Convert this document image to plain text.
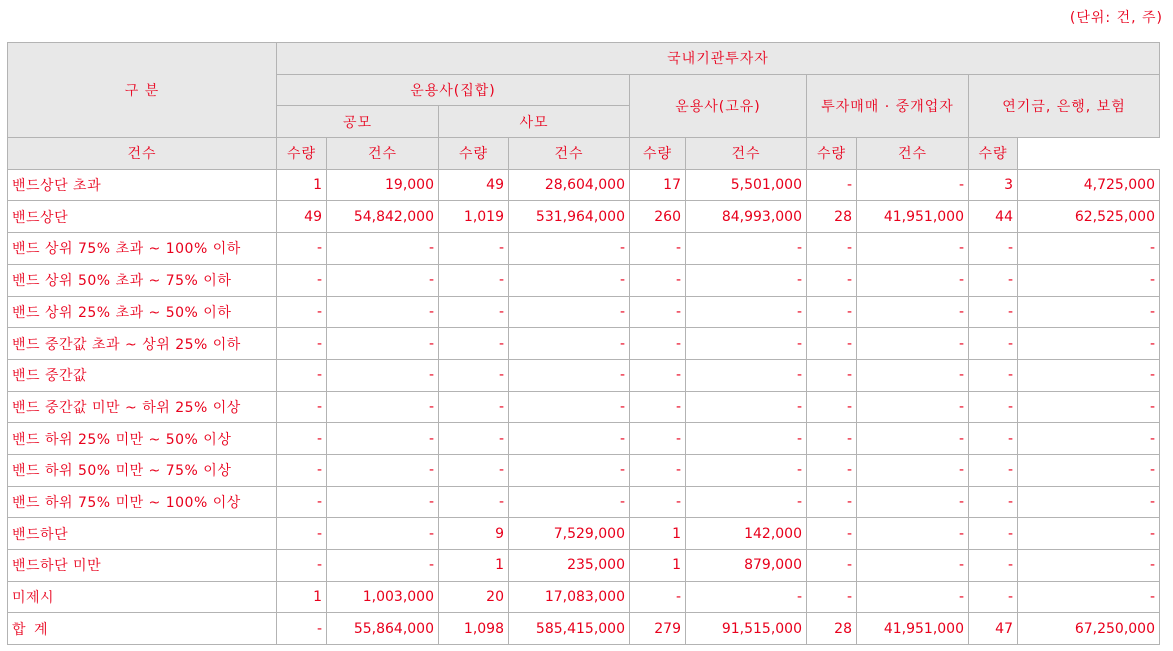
(단위: 건, 주)
구 분	국내기관투자자									
	운용사(집합)				운용사(고유)		투자매매 · 중개업자		연기금, 은행, 보험	
	공모		사모							
건수	수량	건수	수량	건수	수량	건수	수량	건수	수량	
밴드상단 초과	1	19,000	49	28,604,000	17	5,501,000	-	-	3	4,725,000
밴드상단	49	54,842,000	1,019	531,964,000	260	84,993,000	28	41,951,000	44	62,525,000
밴드 상위 75% 초과 ~ 100% 이하	-	-	-	-	-	-	-	-	-	-
밴드 상위 50% 초과 ~ 75% 이하	-	-	-	-	-	-	-	-	-	-
밴드 상위 25% 초과 ~ 50% 이하	-	-	-	-	-	-	-	-	-	-
밴드 중간값 초과 ~ 상위 25% 이하	-	-	-	-	-	-	-	-	-	-
밴드 중간값	-	-	-	-	-	-	-	-	-	-
밴드 중간값 미만 ~ 하위 25% 이상	-	-	-	-	-	-	-	-	-	-
밴드 하위 25% 미만 ~ 50% 이상	-	-	-	-	-	-	-	-	-	-
밴드 하위 50% 미만 ~ 75% 이상	-	-	-	-	-	-	-	-	-	-
밴드 하위 75% 미만 ~ 100% 이상	-	-	-	-	-	-	-	-	-	-
밴드하단	-	-	9	7,529,000	1	142,000	-	-	-	-
밴드하단 미만	-	-	1	235,000	1	879,000	-	-	-	-
미제시	1	1,003,000	20	17,083,000	-	-	-	-	-	-
합 계	-	55,864,000	1,098	585,415,000	279	91,515,000	28	41,951,000	47	67,250,000
